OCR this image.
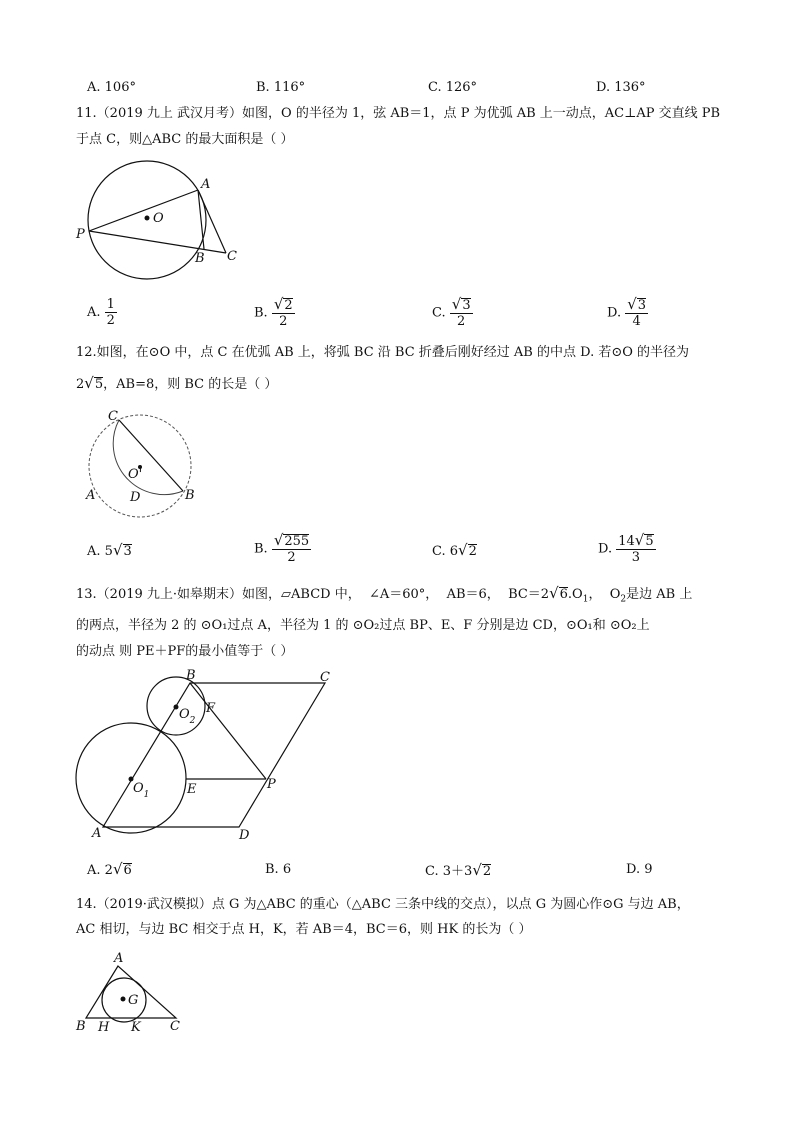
A. 106°	B. 116°	C. 126°	D. 136°
11.（2019 九上 武汉月考）如图，O 的半径为 1，弦 AB＝1，点 P 为优弧 AB 上一动点，AC⊥AP 交直线 PB
于点 C，则△ABC 的最大面积是（ ）
A
O
P
B C
A. $\frac{1}{2}$	B. $\frac{√2}{2}$	C. $\frac{√3}{2}$	D. $\frac{√3}{4}$
12.如图，在⊙O 中，点 C 在优弧 AB 上，将弧 BC 沿 BC 折叠后刚好经过 AB 的中点 D. 若⊙O 的半径为
2√5，AB=8，则 BC 的长是（ ）
C
O'
A	D	B
A. 5√3	B. $\frac{√255}{2}$	C. 6√2	D. $\frac{14√5}{3}$
13.（2019 九上·如皋期末）如图，▱ABCD 中， ∠A＝60°， AB＝6， $BC=2√6.O_1$， $O_2$是边 AB 上
的两点，半径为 2 的 ⊙O₁过点 A，半径为 1 的 ⊙O₂过点 BP、E、F 分别是边 CD，⊙O₁和 ⊙O₂上
的动点 则 PE＋PF的最小值等于（ ）
B	C
$O_2$
F
$O_1$	E	P
A	D
A. 2√6	B. 6	C. 3＋3√2	D. 9
14.（2019·武汉模拟）点 G 为△ABC 的重心（△ABC 三条中线的交点），以点 G 为圆心作⊙G 与边 AB，
AC 相切，与边 BC 相交于点 H，K，若 AB＝4，BC＝6，则 HK 的长为（ ）
A
G
B H K C
